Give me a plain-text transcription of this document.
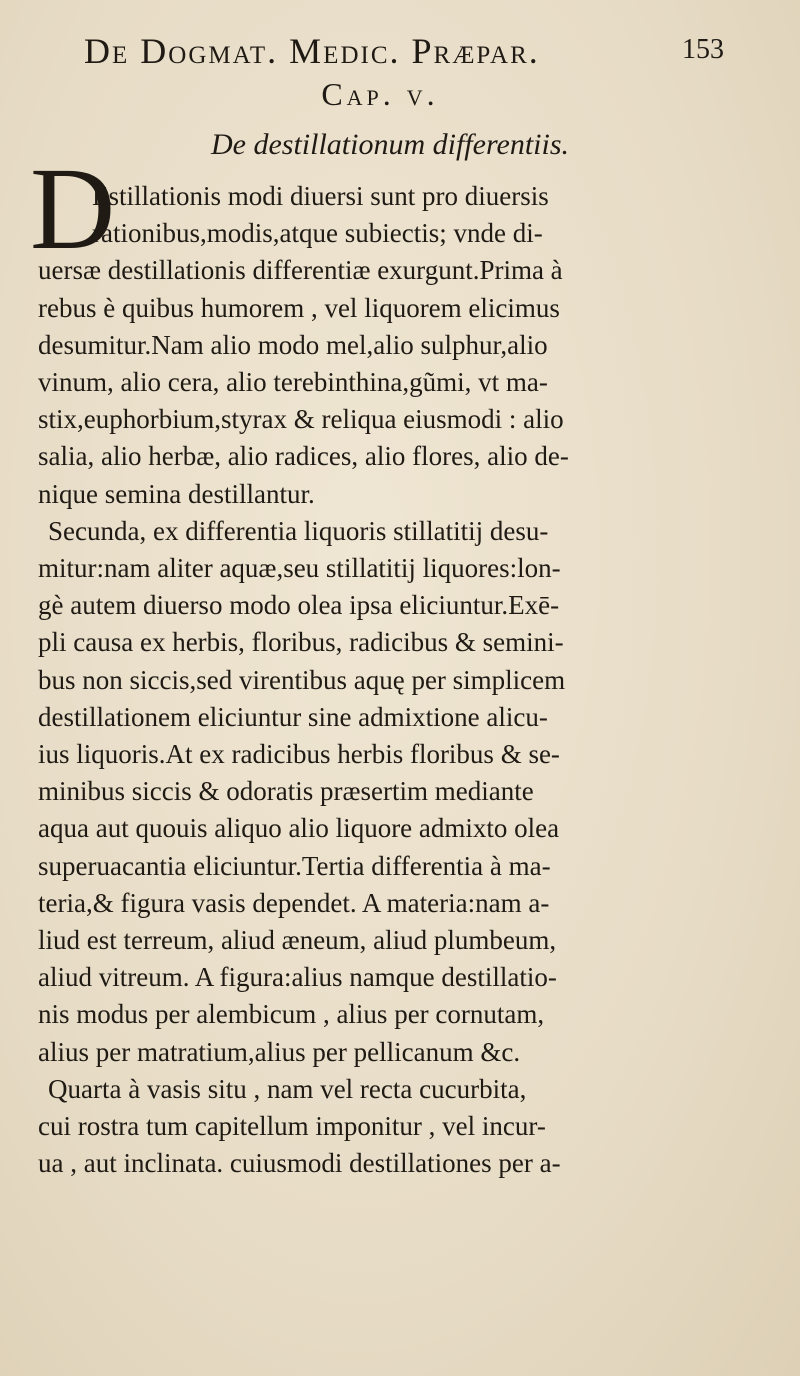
De Dogmat. Medic. Præpar.	153
Cap. v.
De destillationum differentiis.
D
Estillationis modi diuersi sunt pro diuersis
rationibus,modis,atque subiectis; vnde di-
uersæ destillationis differentiæ exurgunt.Prima à
rebus è quibus humorem , vel liquorem elicimus
desumitur.Nam alio modo mel,alio sulphur,alio
vinum, alio cera, alio terebinthina,gũmi, vt ma-
stix,euphorbium,styrax & reliqua eiusmodi : alio
salia, alio herbæ, alio radices, alio flores, alio de-
nique semina destillantur.
Secunda, ex differentia liquoris stillatitij desu-
mitur:nam aliter aquæ,seu stillatitij liquores:lon-
gè autem diuerso modo olea ipsa eliciuntur.Exē-
pli causa ex herbis, floribus, radicibus & semini-
bus non siccis,sed virentibus aquę per simplicem
destillationem eliciuntur sine admixtione alicu-
ius liquoris.At ex radicibus herbis floribus & se-
minibus siccis & odoratis præsertim mediante
aqua aut quouis aliquo alio liquore admixto olea
superuacantia eliciuntur.Tertia differentia à ma-
teria,& figura vasis dependet. A materia:nam a-
liud est terreum, aliud æneum, aliud plumbeum,
aliud vitreum. A figura:alius namque destillatio-
nis modus per alembicum , alius per cornutam,
alius per matratium,alius per pellicanum &c.
Quarta à vasis situ , nam vel recta cucurbita,
cui rostra tum capitellum imponitur , vel incur-
ua , aut inclinata. cuiusmodi destillationes per a-
